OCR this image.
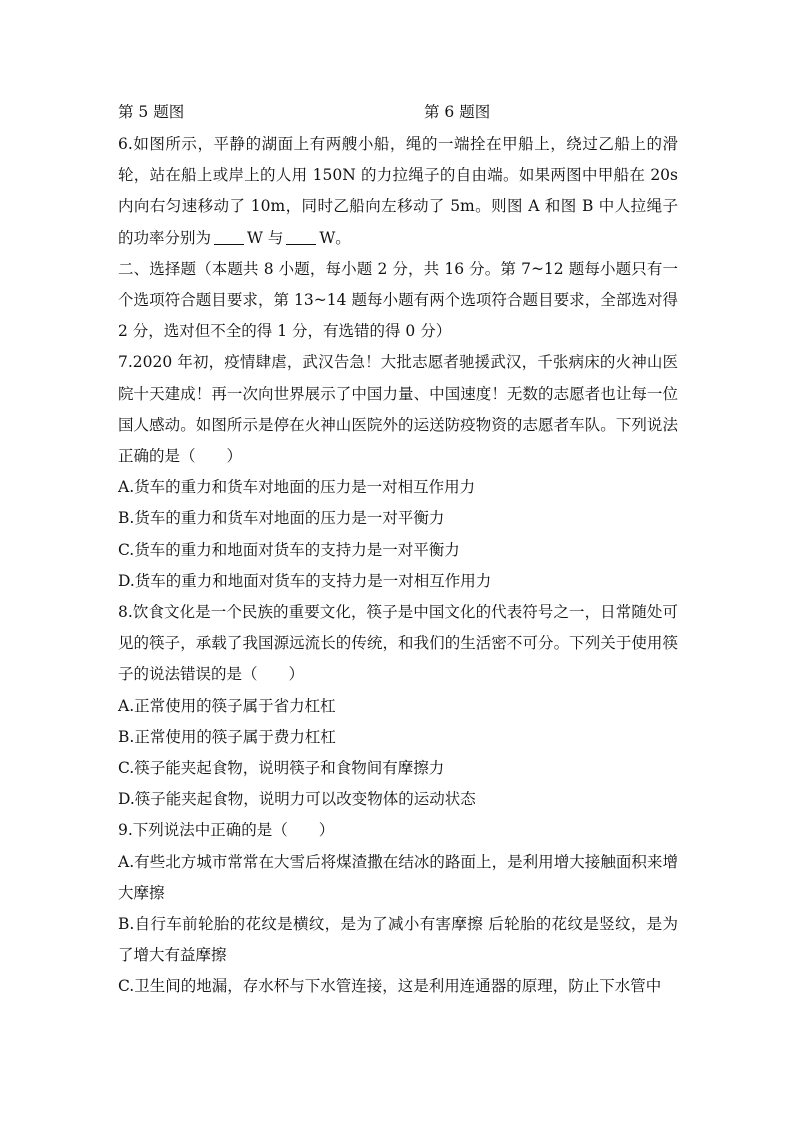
第 5 题图	第 6 题图

6.如图所示，平静的湖面上有两艘小船，绳的一端拴在甲船上，绕过乙船上的滑轮，站在船上或岸上的人用 150N 的力拉绳子的自由端。如果两图中甲船在 20s 内向右匀速移动了 10m，同时乙船向左移动了 5m。则图 A 和图 B 中人拉绳子的功率分别为 W 与 W。

二、选择题（本题共 8 小题，每小题 2 分，共 16 分。第 7~12 题每小题只有一个选项符合题目要求，第 13~14 题每小题有两个选项符合题目要求，全部选对得 2 分，选对但不全的得 1 分，有选错的得 0 分）

7.2020 年初，疫情肆虐，武汉告急！大批志愿者驰援武汉，千张病床的火神山医院十天建成！再一次向世界展示了中国力量、中国速度！无数的志愿者也让每一位国人感动。如图所示是停在火神山医院外的运送防疫物资的志愿者车队。下列说法正确的是（　　）

A.货车的重力和货车对地面的压力是一对相互作用力

B.货车的重力和货车对地面的压力是一对平衡力

C.货车的重力和地面对货车的支持力是一对平衡力

D.货车的重力和地面对货车的支持力是一对相互作用力

8.饮食文化是一个民族的重要文化，筷子是中国文化的代表符号之一，日常随处可见的筷子，承载了我国源远流长的传统，和我们的生活密不可分。下列关于使用筷子的说法错误的是（　　）

A.正常使用的筷子属于省力杠杠

B.正常使用的筷子属于费力杠杠

C.筷子能夹起食物，说明筷子和食物间有摩擦力

D.筷子能夹起食物，说明力可以改变物体的运动状态

9.下列说法中正确的是（　　）

A.有些北方城市常常在大雪后将煤渣撒在结冰的路面上，是利用增大接触面积来增大摩擦

B.自行车前轮胎的花纹是横纹，是为了减小有害摩擦 后轮胎的花纹是竖纹，是为了增大有益摩擦

C.卫生间的地漏，存水杯与下水管连接，这是利用连通器的原理，防止下水管中
